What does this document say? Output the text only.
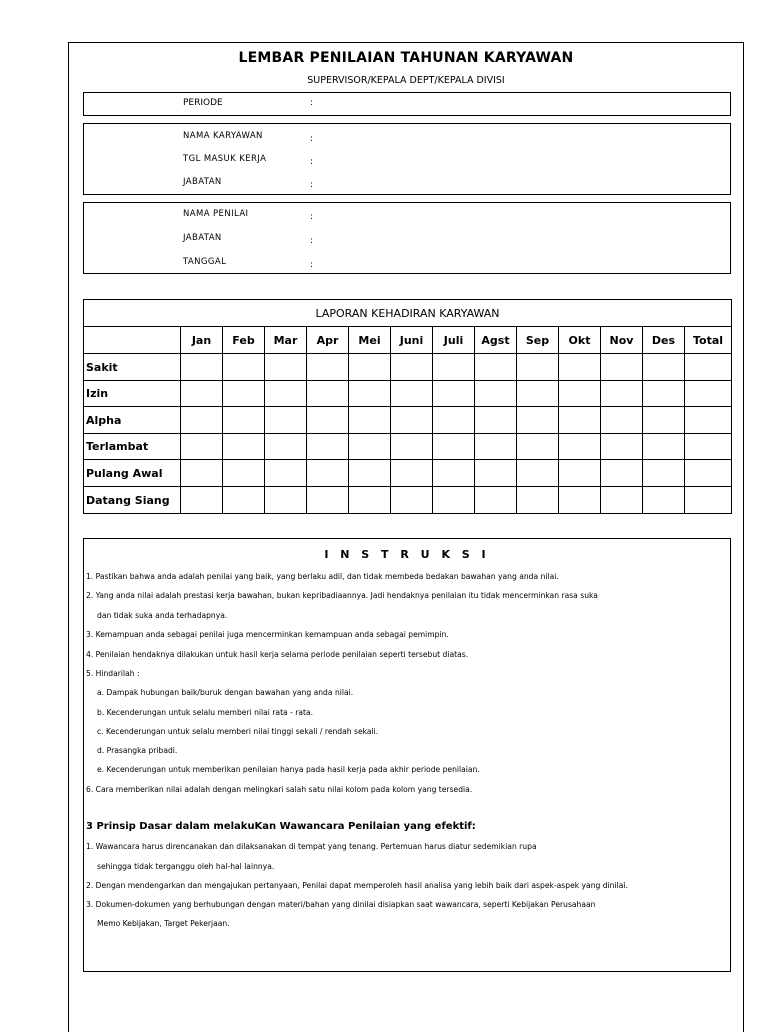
LEMBAR PENILAIAN TAHUNAN KARYAWAN
SUPERVISOR/KEPALA DEPT/KEPALA DIVISI
PERIODE	:
NAMA KARYAWAN	:
TGL MASUK KERJA	:
JABATAN	:
NAMA PENILAI	:
JABATAN	:
TANGGAL	:
LAPORAN KEHADIRAN KARYAWAN													
	Jan	Feb	Mar	Apr	Mei	Juni	Juli	Agst	Sep	Okt	Nov	Des	Total
Sakit													
Izin													
Alpha													
Terlambat													
Pulang Awal													
Datang Siang													
I N S T R U K S I
1. Pastikan bahwa anda adalah penilai yang baik, yang berlaku adil, dan tidak membeda bedakan bawahan yang anda nilai.
2. Yang anda nilai adalah prestasi kerja bawahan, bukan kepribadiaannya. Jadi hendaknya penilaian itu tidak mencerminkan rasa suka
dan tidak suka anda terhadapnya.
3. Kemampuan anda sebagai penilai juga mencerminkan kemampuan anda sebagai pemimpin.
4. Penilaian hendaknya dilakukan untuk hasil kerja selama periode penilaian seperti tersebut diatas.
5. Hindarilah :
a. Dampak hubungan baik/buruk dengan bawahan yang anda nilai.
b. Kecenderungan untuk selalu memberi nilai rata - rata.
c. Kecenderungan untuk selalu memberi nilai tinggi sekali / rendah sekali.
d. Prasangka pribadi.
e. Kecenderungan untuk memberikan penilaian hanya pada hasil kerja pada akhir periode penilaian.
6. Cara memberikan nilai adalah dengan melingkari salah satu nilai kolom pada kolom yang tersedia.
3 Prinsip Dasar dalam melakuKan Wawancara Penilaian yang efektif:
1. Wawancara harus direncanakan dan dilaksanakan di tempat yang tenang. Pertemuan harus diatur sedemikian rupa
sehingga tidak terganggu oleh hal-hal lainnya.
2. Dengan mendengarkan dan mengajukan pertanyaan, Penilai dapat memperoleh hasil analisa yang lebih baik dari aspek-aspek yang dinilai.
3. Dokumen-dokumen yang berhubungan dengan materi/bahan yang dinilai disiapkan saat wawancara, seperti Kebijakan Perusahaan
Memo Kebijakan, Target Pekerjaan.
